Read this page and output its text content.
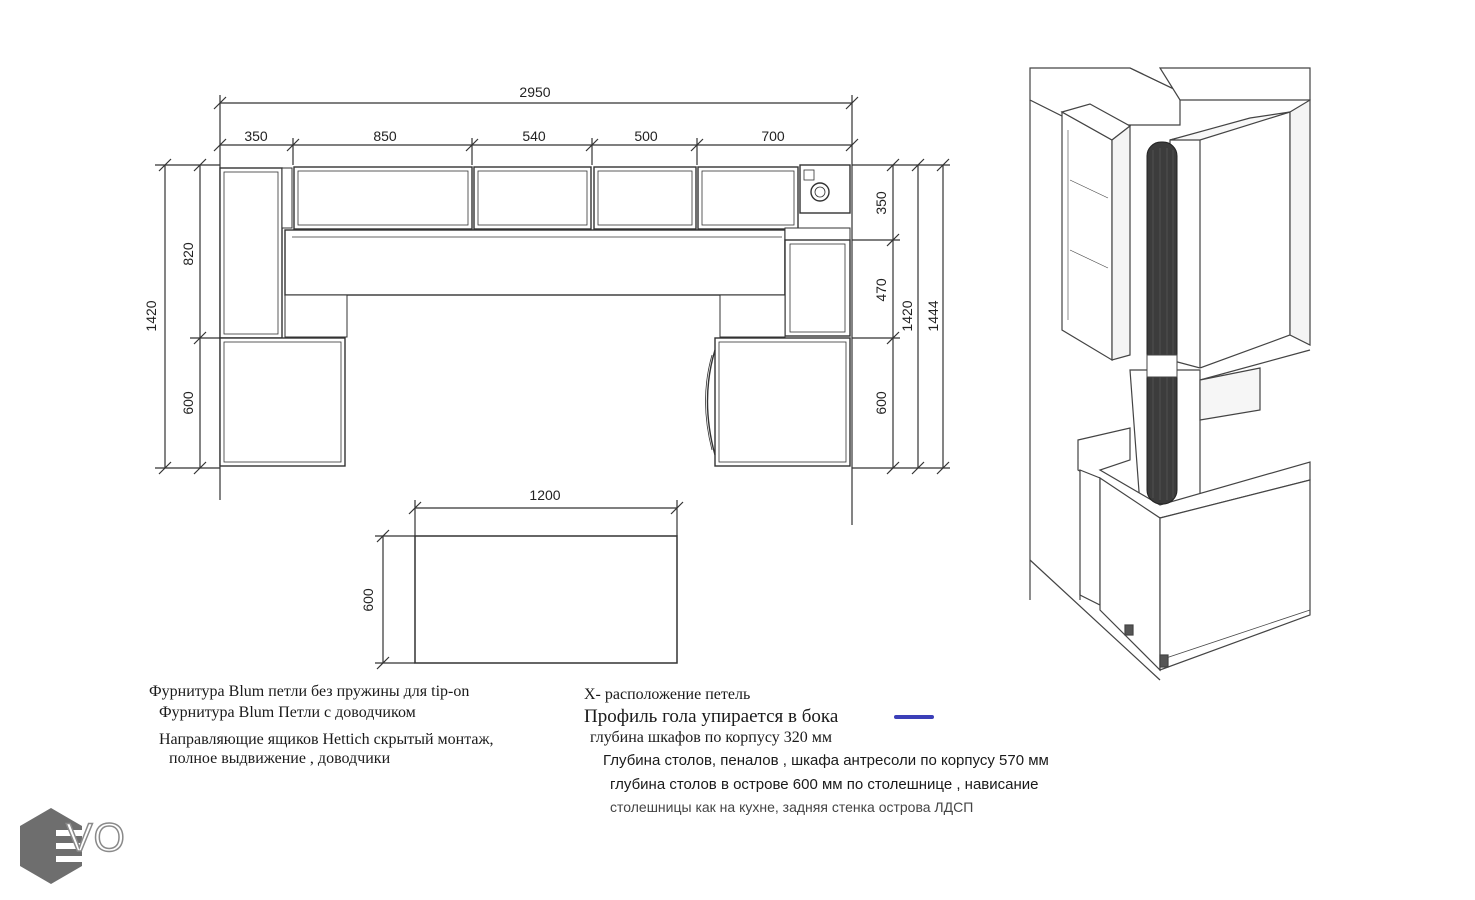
2950
350	850	540	500	700
1420
820
600
350
470
600
1420 1444
1200
600
Фурнитура Blum петли без пружины для tip-on
Фурнитура Blum Петли с доводчиком
Направляющие ящиков Hettich скрытый монтаж,
полное выдвижение , доводчики
Х- расположение петель
Профиль гола упирается в бока
глубина шкафов по корпусу 320 мм
Глубина столов, пеналов , шкафа антресоли по корпусу 570 мм
глубина столов в острове 600 мм по столешнице , нависание
столешницы как на кухне, задняя стенка острова ЛДСП
VO
